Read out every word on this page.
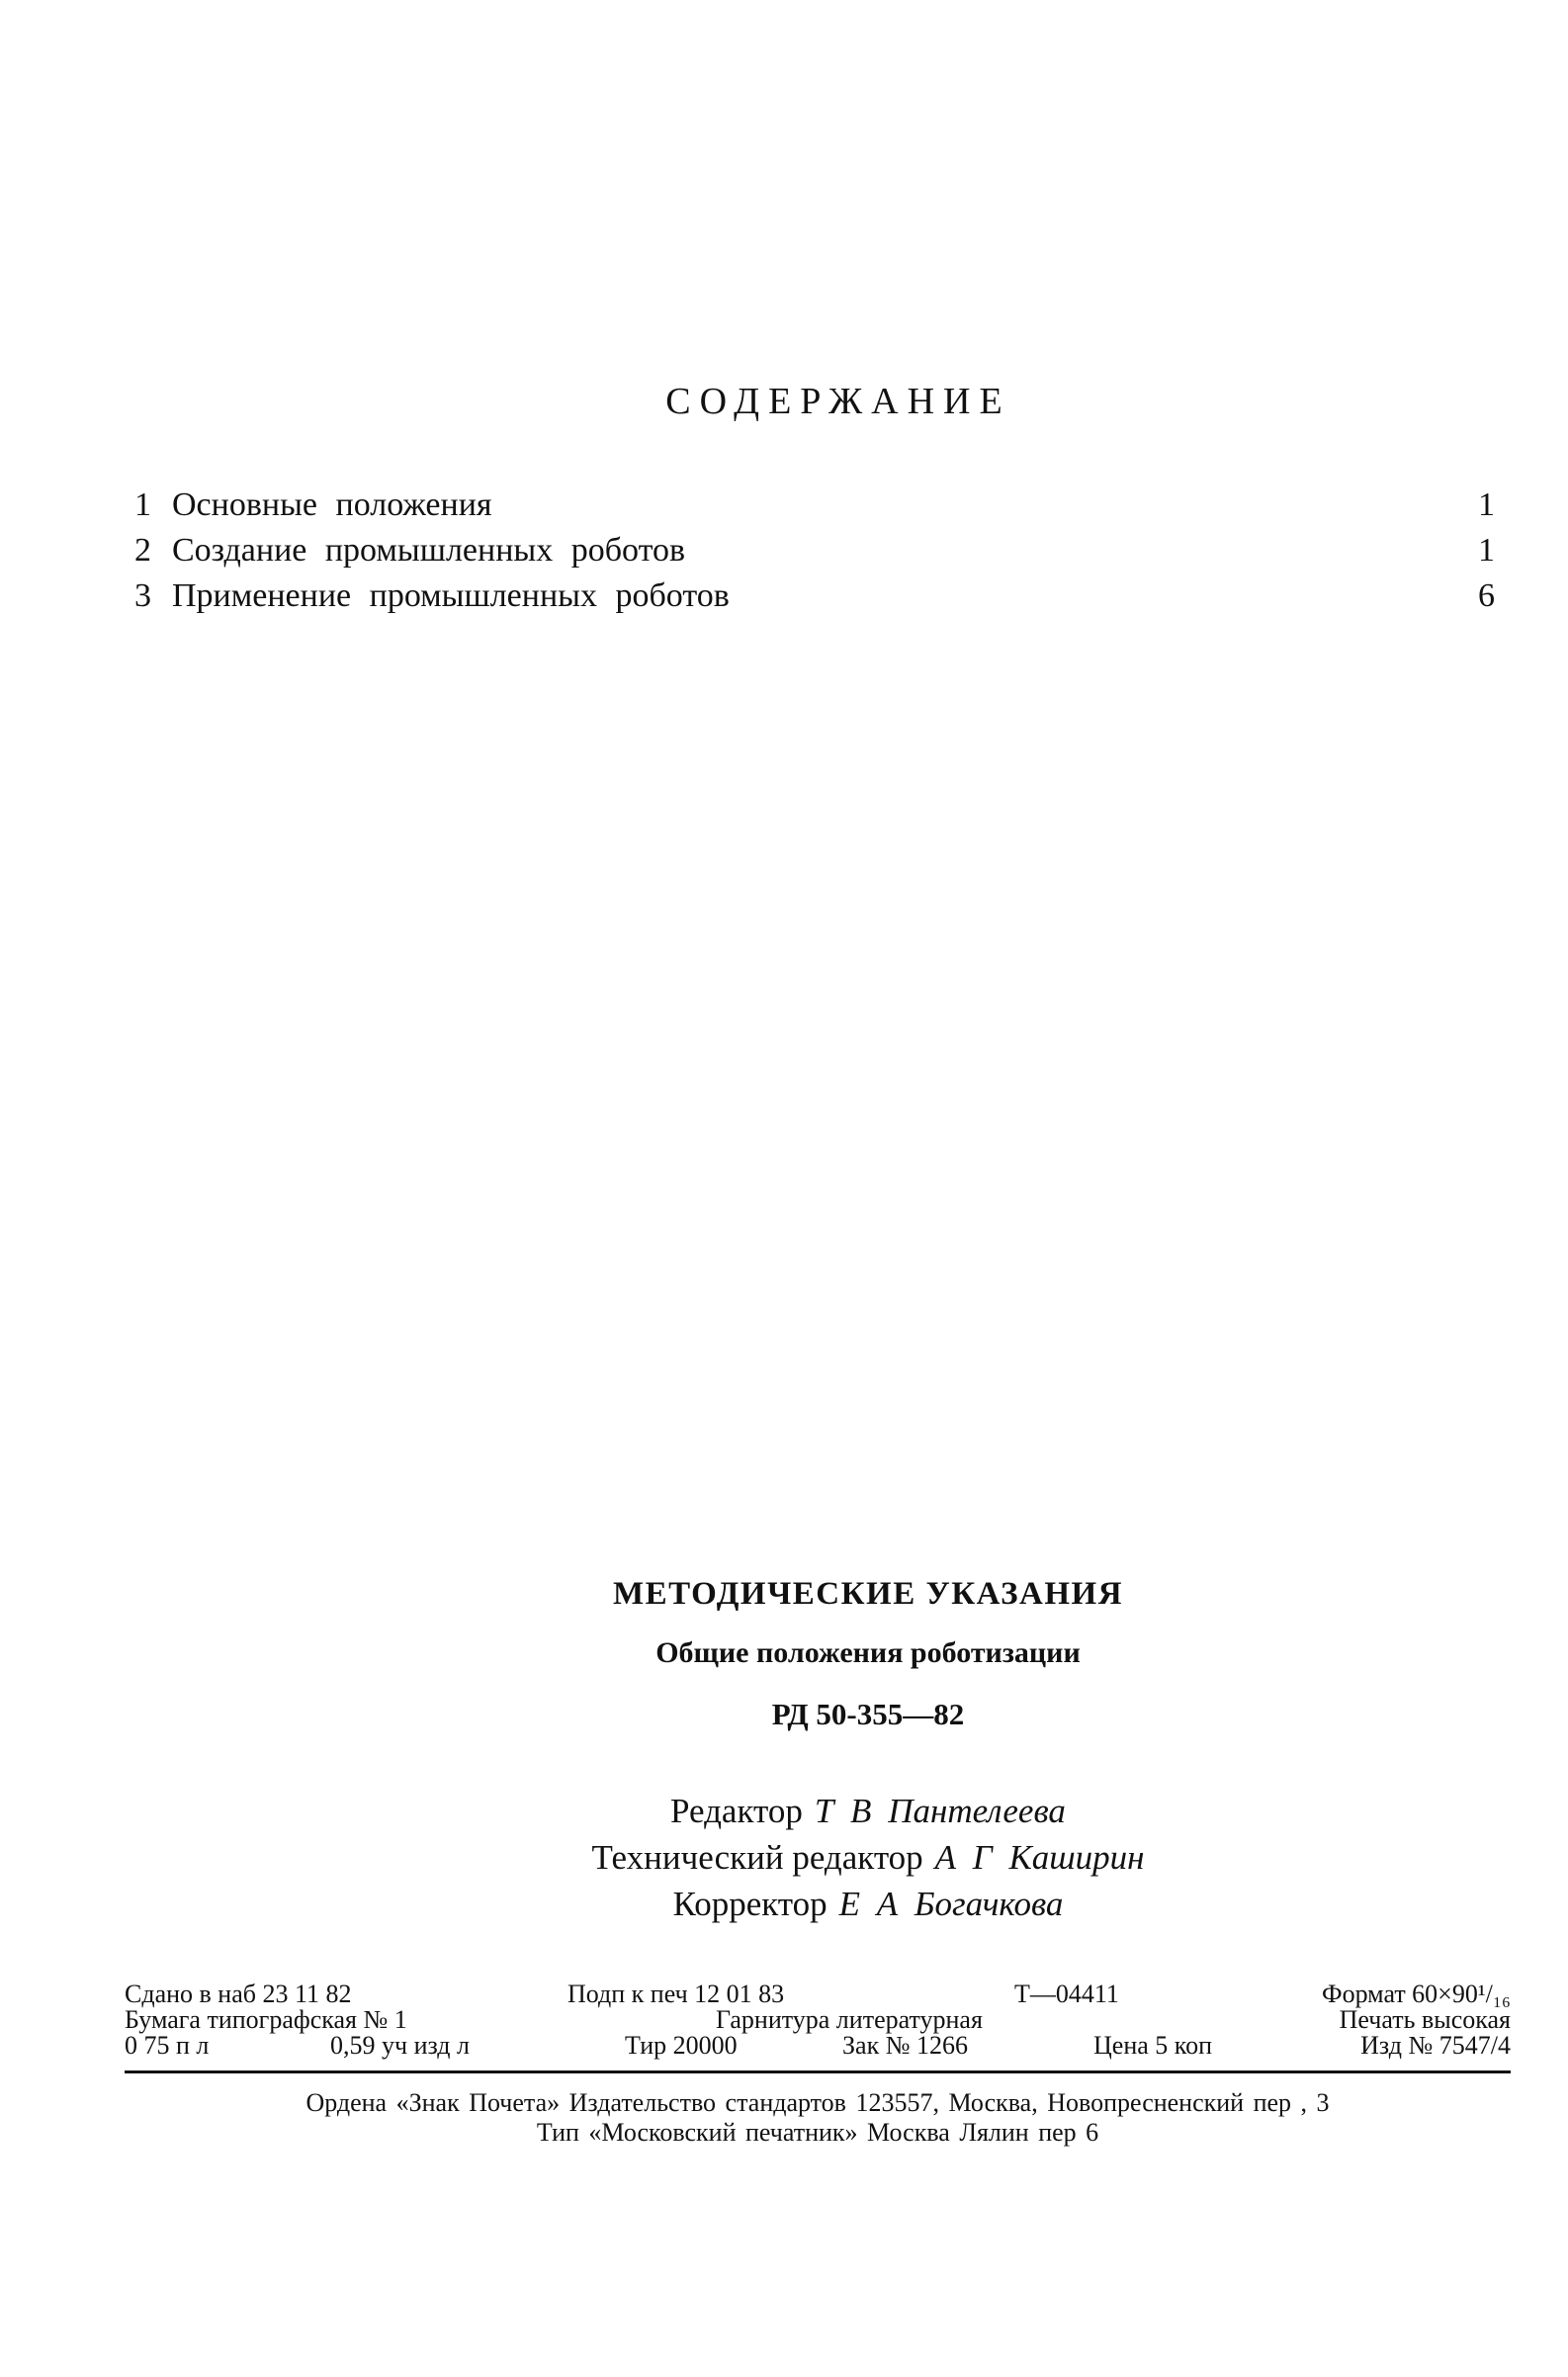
СОДЕРЖАНИЕ
1 Основные положения	1
2 Создание промышленных роботов	1
3 Применение промышленных роботов	6
МЕТОДИЧЕСКИЕ УКАЗАНИЯ
Общие положения роботизации
РД 50-355—82
Редактор Т В Пантелеева
Технический редактор А Г Каширин
Корректор Е А Богачкова
Сдано в наб 23 11 82	Подп к печ 12 01 83	Т—04411	Формат 60×90¹/₁₆
Бумага типографская № 1	Гарнитура литературная	Печать высокая
0 75 п л	0,59 уч изд л	Тир 20000	Зак № 1266	Цена 5 коп	Изд № 7547/4
Ордена «Знак Почета» Издательство стандартов 123557, Москва, Новопресненский пер , 3
Тип «Московский печатник» Москва Лялин пер 6
